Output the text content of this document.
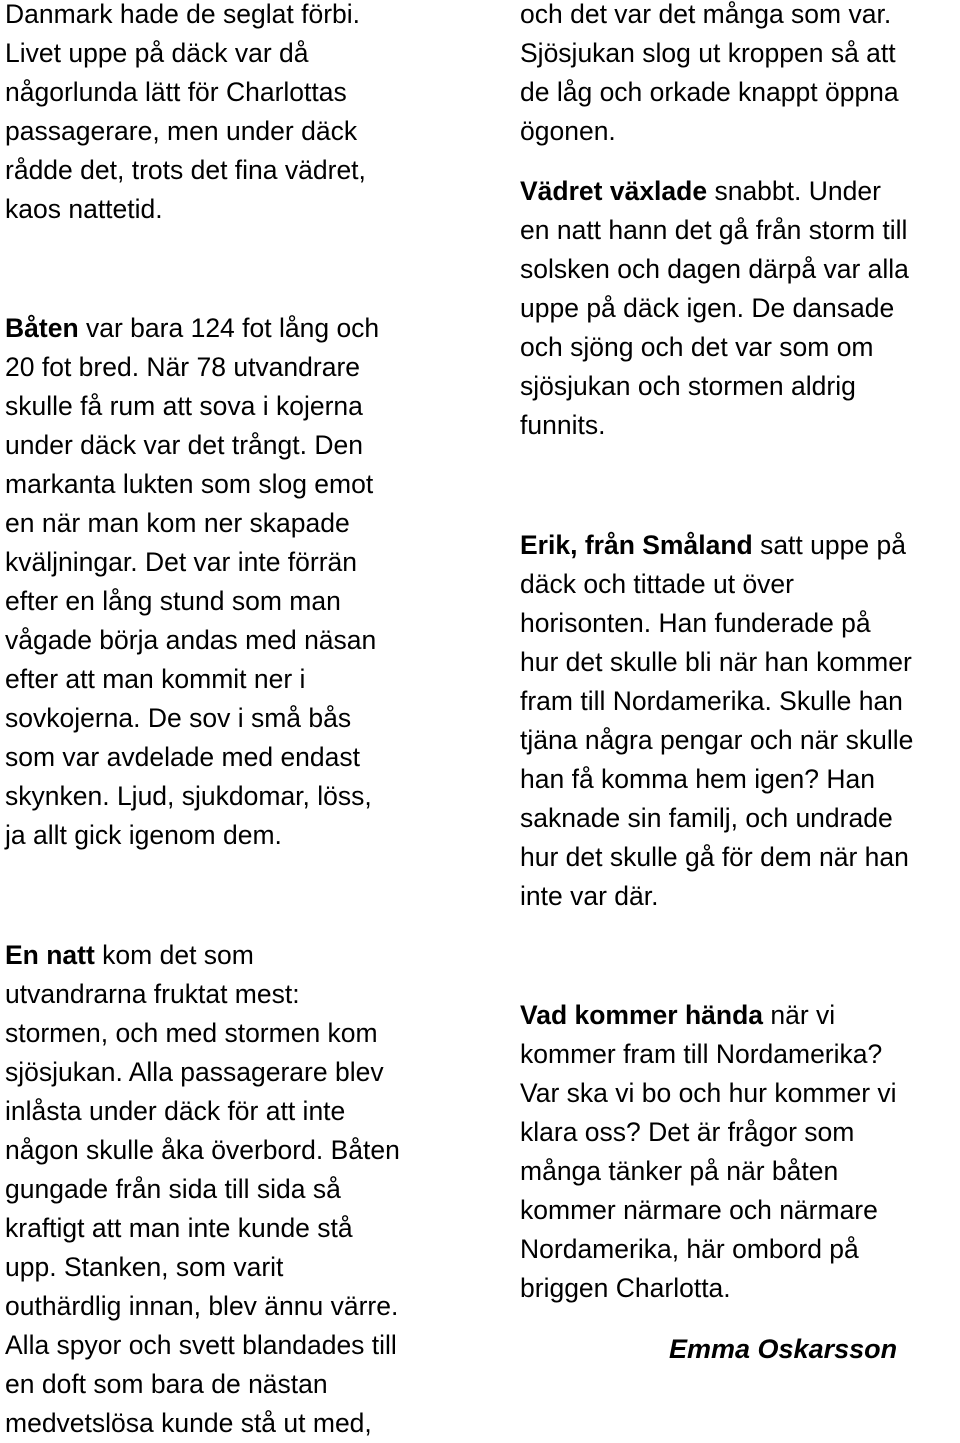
Danmark hade de seglat förbi.
Livet uppe på däck var då
någorlunda lätt för Charlottas
passagerare, men under däck
rådde det, trots det fina vädret,
kaos nattetid.
Båten var bara 124 fot lång och
20 fot bred. När 78 utvandrare
skulle få rum att sova i kojerna
under däck var det trångt. Den
markanta lukten som slog emot
en när man kom ner skapade
kväljningar. Det var inte förrän
efter en lång stund som man
vågade börja andas med näsan
efter att man kommit ner i
sovkojerna. De sov i små bås
som var avdelade med endast
skynken. Ljud, sjukdomar, löss,
ja allt gick igenom dem.
En natt kom det som
utvandrarna fruktat mest:
stormen, och med stormen kom
sjösjukan. Alla passagerare blev
inlåsta under däck för att inte
någon skulle åka överbord. Båten
gungade från sida till sida så
kraftigt att man inte kunde stå
upp. Stanken, som varit
outhärdlig innan, blev ännu värre.
Alla spyor och svett blandades till
en doft som bara de nästan
medvetslösa kunde stå ut med,
och det var det många som var.
Sjösjukan slog ut kroppen så att
de låg och orkade knappt öppna
ögonen.
Vädret växlade snabbt. Under
en natt hann det gå från storm till
solsken och dagen därpå var alla
uppe på däck igen. De dansade
och sjöng och det var som om
sjösjukan och stormen aldrig
funnits.
Erik, från Småland satt uppe på
däck och tittade ut över
horisonten. Han funderade på
hur det skulle bli när han kommer
fram till Nordamerika. Skulle han
tjäna några pengar och när skulle
han få komma hem igen? Han
saknade sin familj, och undrade
hur det skulle gå för dem när han
inte var där.
Vad kommer hända när vi
kommer fram till Nordamerika?
Var ska vi bo och hur kommer vi
klara oss? Det är frågor som
många tänker på när båten
kommer närmare och närmare
Nordamerika, här ombord på
briggen Charlotta.
Emma Oskarsson
